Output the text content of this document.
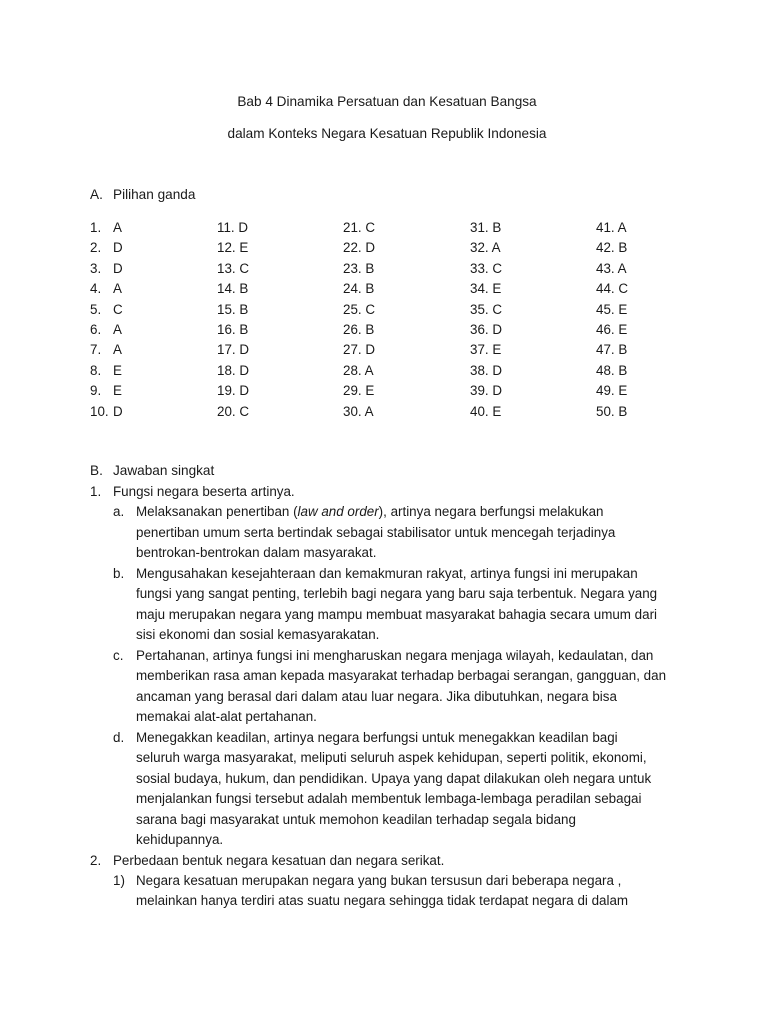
Bab 4 Dinamika Persatuan dan Kesatuan Bangsa
dalam Konteks Negara Kesatuan Republik Indonesia
A. Pilihan ganda
1. A
2. D
3. D
4. A
5. C
6. A
7. A
8. E
9. E
10. D
11. D
12. E
13. C
14. B
15. B
16. B
17. D
18. D
19. D
20. C
21. C
22. D
23. B
24. B
25. C
26. B
27. D
28. A
29. E
30. A
31. B
32. A
33. C
34. E
35. C
36. D
37. E
38. D
39. D
40. E
41. A
42. B
43. A
44. C
45. E
46. E
47. B
48. B
49. E
50. B
B. Jawaban singkat
1. Fungsi negara beserta artinya.
a. Melaksanakan penertiban (law and order), artinya negara berfungsi melakukan
penertiban umum serta bertindak sebagai stabilisator untuk mencegah terjadinya
bentrokan-bentrokan dalam masyarakat.
b. Mengusahakan kesejahteraan dan kemakmuran rakyat, artinya fungsi ini merupakan
fungsi yang sangat penting, terlebih bagi negara yang baru saja terbentuk. Negara yang
maju merupakan negara yang mampu membuat masyarakat bahagia secara umum dari
sisi ekonomi dan sosial kemasyarakatan.
c. Pertahanan, artinya fungsi ini mengharuskan negara menjaga wilayah, kedaulatan, dan
memberikan rasa aman kepada masyarakat terhadap berbagai serangan, gangguan, dan
ancaman yang berasal dari dalam atau luar negara. Jika dibutuhkan, negara bisa
memakai alat-alat pertahanan.
d. Menegakkan keadilan, artinya negara berfungsi untuk menegakkan keadilan bagi
seluruh warga masyarakat, meliputi seluruh aspek kehidupan, seperti politik, ekonomi,
sosial budaya, hukum, dan pendidikan. Upaya yang dapat dilakukan oleh negara untuk
menjalankan fungsi tersebut adalah membentuk lembaga-lembaga peradilan sebagai
sarana bagi masyarakat untuk memohon keadilan terhadap segala bidang
kehidupannya.
2. Perbedaan bentuk negara kesatuan dan negara serikat.
1) Negara kesatuan merupakan negara yang bukan tersusun dari beberapa negara ,
melainkan hanya terdiri atas suatu negara sehingga tidak terdapat negara di dalam
